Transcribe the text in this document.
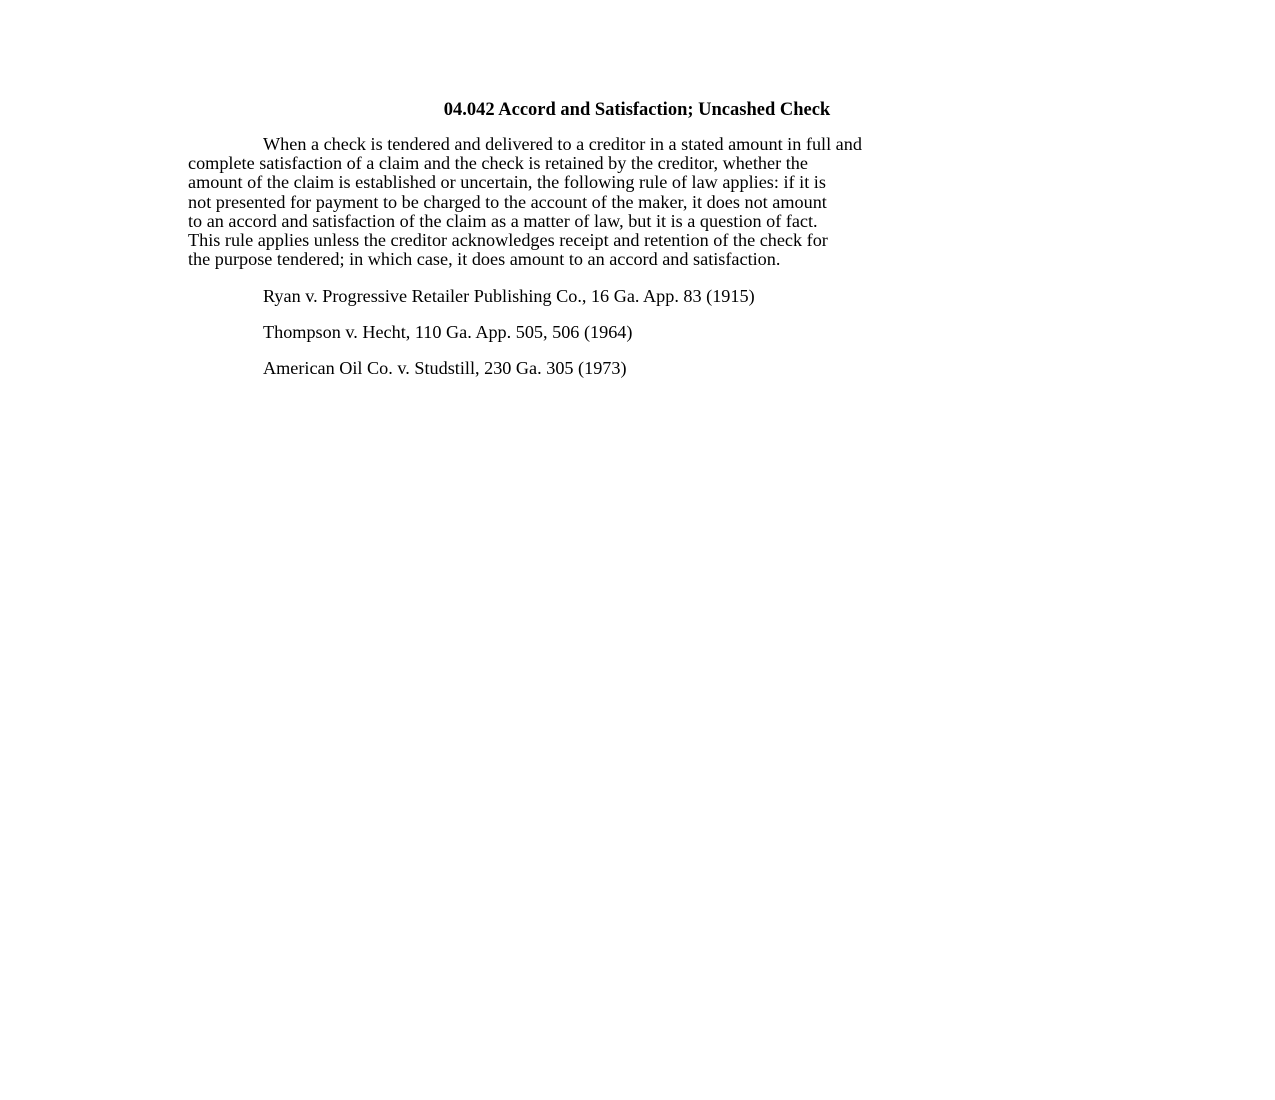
04.042 Accord and Satisfaction; Uncashed Check

When a check is tendered and delivered to a creditor in a stated amount in full and
complete satisfaction of a claim and the check is retained by the creditor, whether the
amount of the claim is established or uncertain, the following rule of law applies: if it is
not presented for payment to be charged to the account of the maker, it does not amount
to an accord and satisfaction of the claim as a matter of law, but it is a question of fact.
This rule applies unless the creditor acknowledges receipt and retention of the check for
the purpose tendered; in which case, it does amount to an accord and satisfaction.

Ryan v. Progressive Retailer Publishing Co., 16 Ga. App. 83 (1915)

Thompson v. Hecht, 110 Ga. App. 505, 506 (1964)

American Oil Co. v. Studstill, 230 Ga. 305 (1973)
